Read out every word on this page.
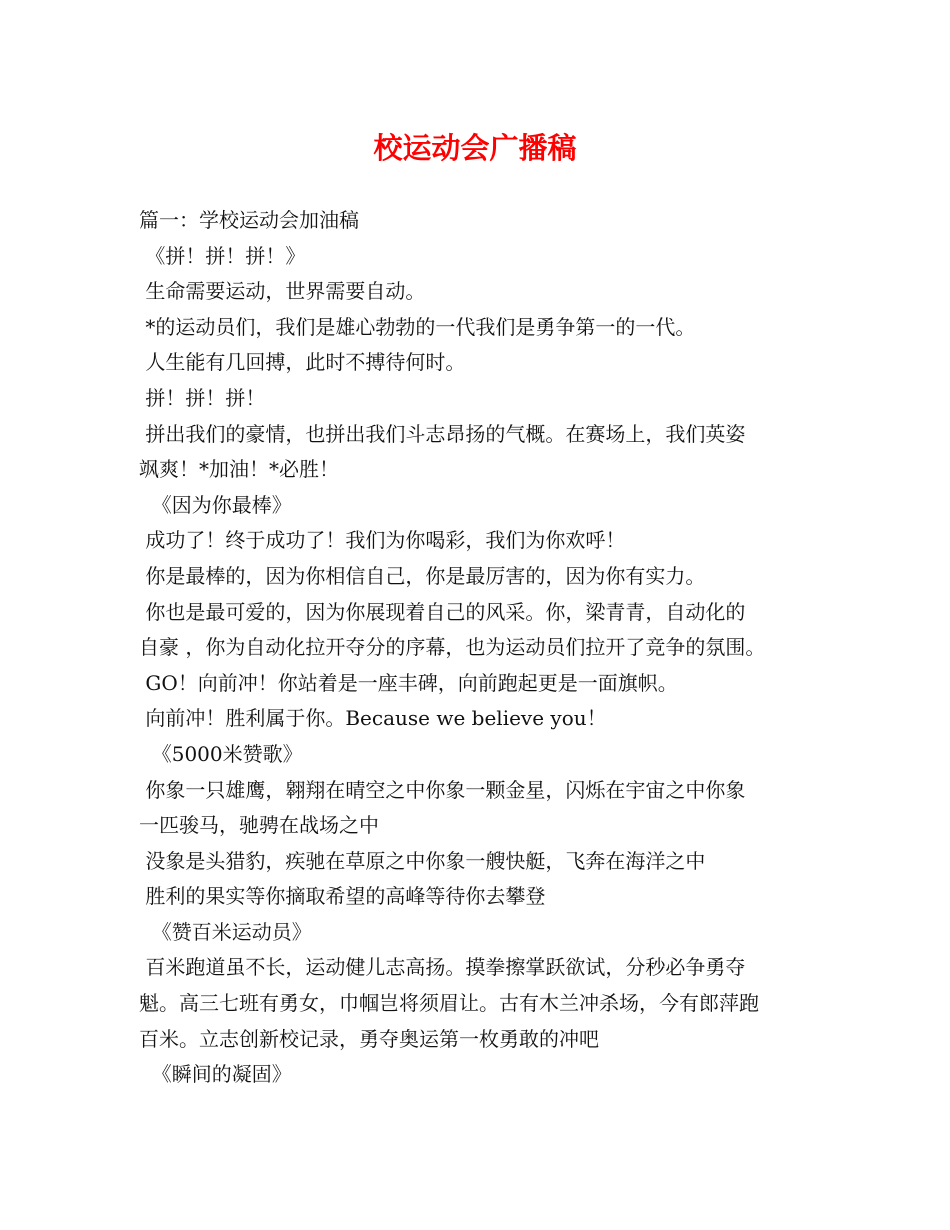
校运动会广播稿
篇一：学校运动会加油稿
《拼！拼！拼！》
生命需要运动，世界需要自动。
*的运动员们，我们是雄心勃勃的一代我们是勇争第一的一代。
人生能有几回搏，此时不搏待何时。
拼！拼！拼！
拼出我们的豪情，也拼出我们斗志昂扬的气概。在赛场上，我们英姿
飒爽！*加油！*必胜！
《因为你最棒》
成功了！终于成功了！我们为你喝彩，我们为你欢呼！
你是最棒的，因为你相信自己，你是最厉害的，因为你有实力。
你也是最可爱的，因为你展现着自己的风采。你，梁青青，自动化的
自豪 ，你为自动化拉开夺分的序幕，也为运动员们拉开了竞争的氛围。
GO！向前冲！你站着是一座丰碑，向前跑起更是一面旗帜。
向前冲！胜利属于你。Because we believe you！
《5000米赞歌》
你象一只雄鹰，翱翔在晴空之中你象一颗金星，闪烁在宇宙之中你象
一匹骏马，驰骋在战场之中
没象是头猎豹，疾驰在草原之中你象一艘快艇，飞奔在海洋之中
胜利的果实等你摘取希望的高峰等待你去攀登
《赞百米运动员》
百米跑道虽不长，运动健儿志高扬。摸拳擦掌跃欲试，分秒必争勇夺
魁。高三七班有勇女，巾帼岂将须眉让。古有木兰冲杀场，今有郎萍跑
百米。立志创新校记录，勇夺奥运第一枚勇敢的冲吧
《瞬间的凝固》
